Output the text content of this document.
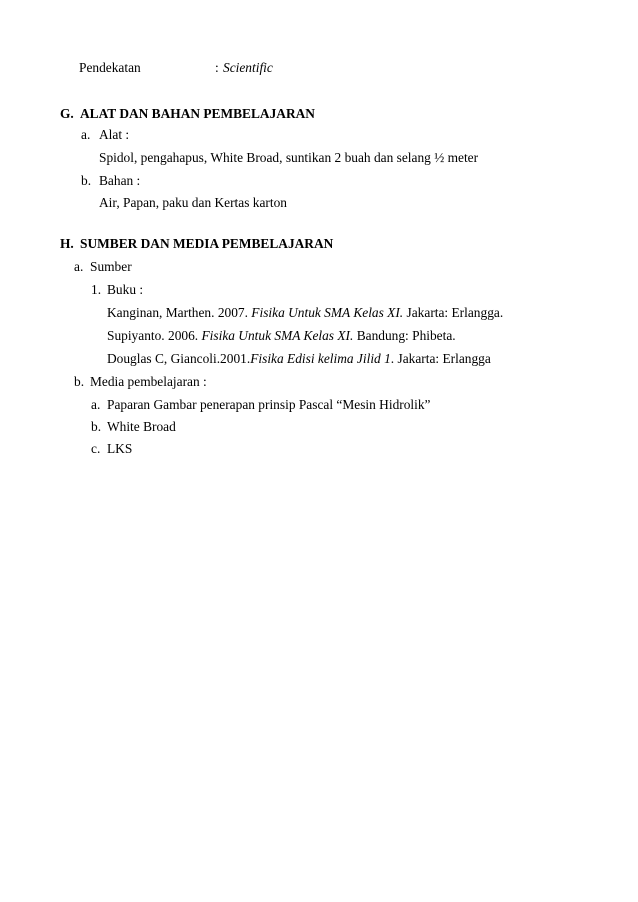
Pendekatan	: Scientific
G. ALAT DAN BAHAN PEMBELAJARAN
a. Alat :
Spidol, pengahapus, White Broad, suntikan 2 buah dan selang ½ meter
b. Bahan :
Air, Papan, paku dan Kertas karton
H. SUMBER DAN MEDIA PEMBELAJARAN
a. Sumber
1. Buku :
Kanginan, Marthen. 2007. Fisika Untuk SMA Kelas XI. Jakarta: Erlangga.
Supiyanto. 2006. Fisika Untuk SMA Kelas XI. Bandung: Phibeta.
Douglas C, Giancoli.2001.Fisika Edisi kelima Jilid 1. Jakarta: Erlangga
b. Media pembelajaran :
a. Paparan Gambar penerapan prinsip Pascal “Mesin Hidrolik”
b. White Broad
c. LKS
